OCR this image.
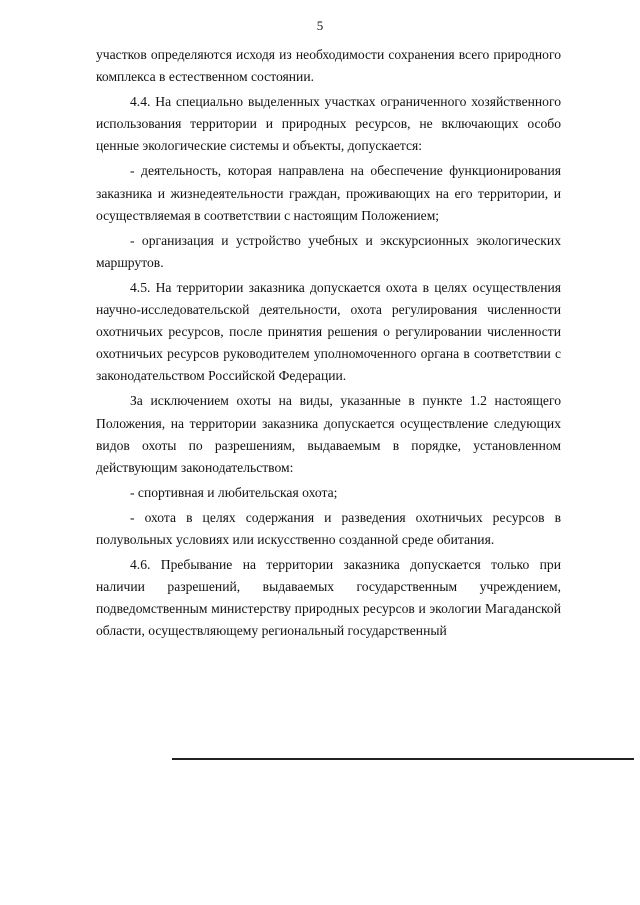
5

участков определяются исходя из необходимости сохранения всего природного комплекса в естественном состоянии.

4.4. На специально выделенных участках ограниченного хозяйственного использования территории и природных ресурсов, не включающих особо ценные экологические системы и объекты, допускается:

- деятельность, которая направлена на обеспечение функционирования заказника и жизнедеятельности граждан, проживающих на его территории, и осуществляемая в соответствии с настоящим Положением;

- организация и устройство учебных и экскурсионных экологических маршрутов.

4.5. На территории заказника допускается охота в целях осуществления научно-исследовательской деятельности, охота регулирования численности охотничьих ресурсов, после принятия решения о регулировании численности охотничьих ресурсов руководителем уполномоченного органа в соответствии с законодательством Российской Федерации.

За исключением охоты на виды, указанные в пункте 1.2 настоящего Положения, на территории заказника допускается осуществление следующих видов охоты по разрешениям, выдаваемым в порядке, установленном действующим законодательством:

- спортивная и любительская охота;

- охота в целях содержания и разведения охотничьих ресурсов в полувольных условиях или искусственно созданной среде обитания.

4.6. Пребывание на территории заказника допускается только при наличии разрешений, выдаваемых государственным учреждением, подведомственным министерству природных ресурсов и экологии Магаданской области, осуществляющему региональный государственный
